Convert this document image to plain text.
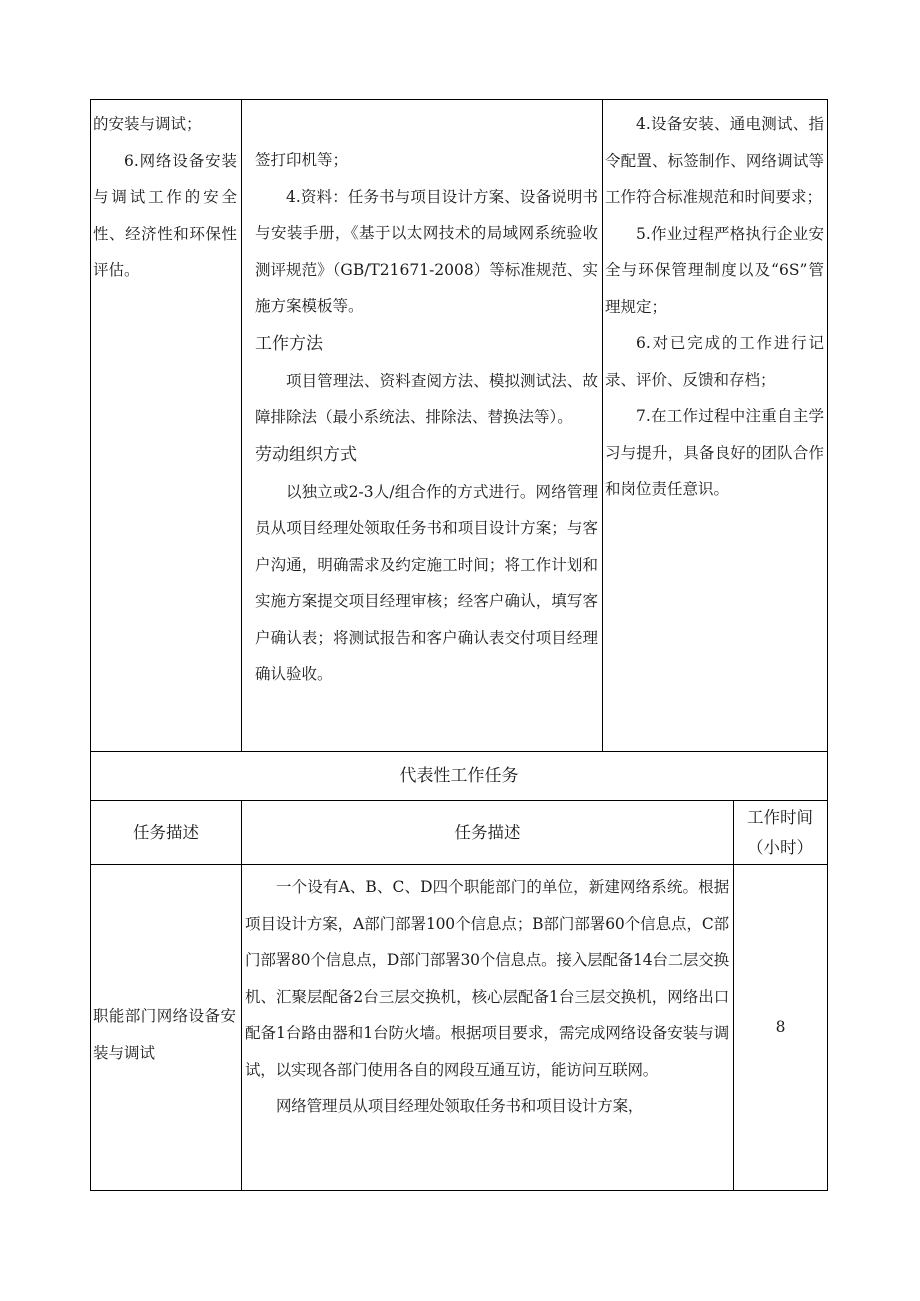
的安装与调试；

6.网络设备安装与调试工作的安全性、经济性和环保性评估。

签打印机等；

4.资料：任务书与项目设计方案、设备说明书与安装手册，《基于以太网技术的局域网系统验收测评规范》（GB/T21671-2008）等标准规范、实施方案模板等。

工作方法

项目管理法、资料查阅方法、模拟测试法、故障排除法（最小系统法、排除法、替换法等）。

劳动组织方式

以独立或2-3人/组合作的方式进行。网络管理员从项目经理处领取任务书和项目设计方案；与客户沟通，明确需求及约定施工时间；将工作计划和实施方案提交项目经理审核；经客户确认，填写客户确认表；将测试报告和客户确认表交付项目经理确认验收。

4.设备安装、通电测试、指令配置、标签制作、网络调试等工作符合标准规范和时间要求；

5.作业过程严格执行企业安全与环保管理制度以及“6S”管理规定；

6.对已完成的工作进行记录、评价、反馈和存档；

7.在工作过程中注重自主学习与提升，具备良好的团队合作和岗位责任意识。

代表性工作任务
任务描述	任务描述
工作时间（小时）

职能部门网络设备安装与调试

一个设有A、B、C、D四个职能部门的单位，新建网络系统。根据项目设计方案，A部门部署100个信息点；B部门部署60个信息点，C部门部署80个信息点，D部门部署30个信息点。接入层配备14台二层交换机、汇聚层配备2台三层交换机，核心层配备1台三层交换机，网络出口配备1台路由器和1台防火墙。根据项目要求，需完成网络设备安装与调试，以实现各部门使用各自的网段互通互访，能访问互联网。

网络管理员从项目经理处领取任务书和项目设计方案，

8
